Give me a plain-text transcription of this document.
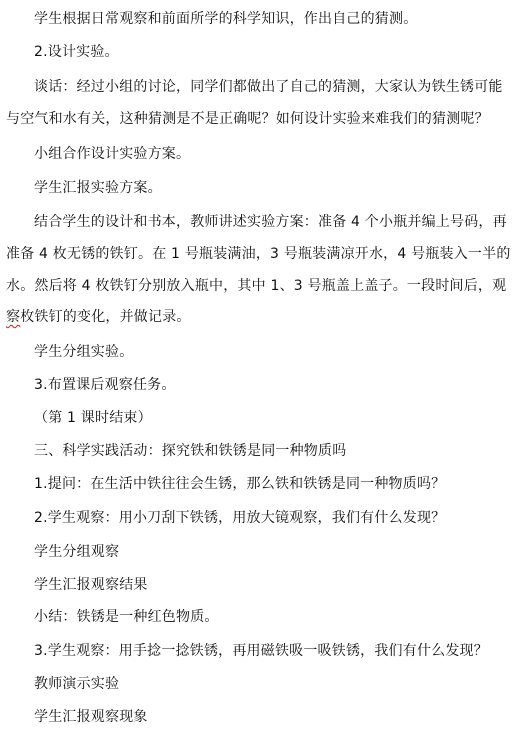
学生根据日常观察和前面所学的科学知识，作出自己的猜测。
2.设计实验。
谈话：经过小组的讨论，同学们都做出了自己的猜测，大家认为铁生锈可能
与空气和水有关，这种猜测是不是正确呢？如何设计实验来难我们的猜测呢？
小组合作设计实验方案。
学生汇报实验方案。
结合学生的设计和书本，教师讲述实验方案：准备 4 个小瓶并编上号码，再
准备 4 枚无锈的铁钉。在 1 号瓶装满油，3 号瓶装满凉开水，4 号瓶装入一半的
水。然后将 4 枚铁钉分别放入瓶中，其中 1、3 号瓶盖上盖子。一段时间后，观
察枚铁钉的变化，并做记录。
学生分组实验。
3.布置课后观察任务。
（第 1 课时结束）
三、科学实践活动：探究铁和铁锈是同一种物质吗
1.提问：在生活中铁往往会生锈，那么铁和铁锈是同一种物质吗？
2.学生观察：用小刀刮下铁锈，用放大镜观察，我们有什么发现？
学生分组观察
学生汇报观察结果
小结：铁锈是一种红色物质。
3.学生观察：用手捻一捻铁锈，再用磁铁吸一吸铁锈，我们有什么发现？
教师演示实验
学生汇报观察现象
